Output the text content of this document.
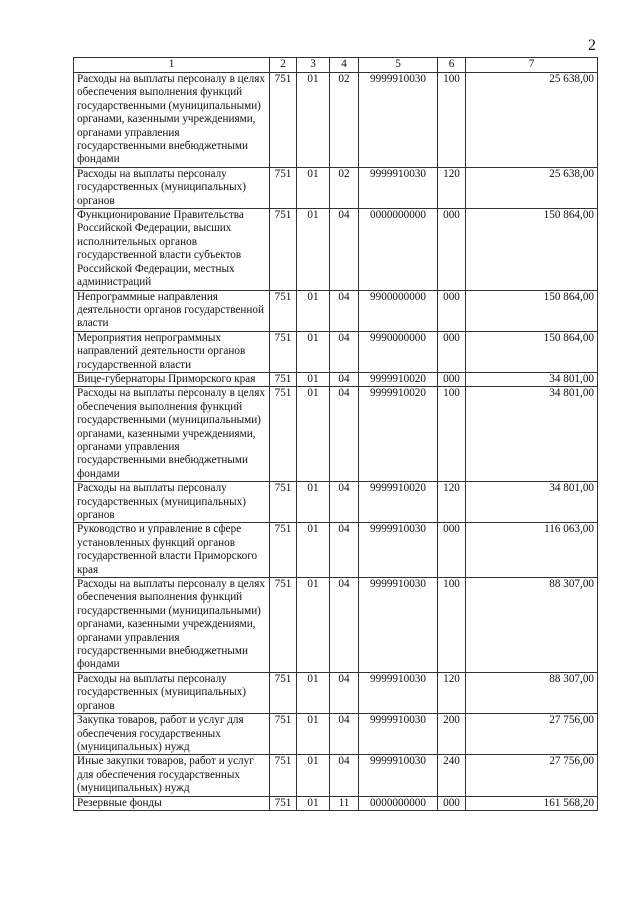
2
1	2	3	4	5	6	7
Расходы на выплаты персоналу в целях обеспечения выполнения функций государственными (муниципальными) органами, казенными учреждениями, органами управления государственными внебюджетными фондами	751	01	02	9999910030	100	25 638,00
Расходы на выплаты персоналу государственных (муниципальных) органов	751	01	02	9999910030	120	25 638,00
Функционирование Правительства Российской Федерации, высших исполнительных органов государственной власти субъектов Российской Федерации, местных администраций	751	01	04	0000000000	000	150 864,00
Непрограммные направления деятельности органов государственной власти	751	01	04	9900000000	000	150 864,00
Мероприятия непрограммных направлений деятельности органов государственной власти	751	01	04	9990000000	000	150 864,00
Вице-губернаторы Приморского края	751	01	04	9999910020	000	34 801,00
Расходы на выплаты персоналу в целях обеспечения выполнения функций государственными (муниципальными) органами, казенными учреждениями, органами управления государственными внебюджетными фондами	751	01	04	9999910020	100	34 801,00
Расходы на выплаты персоналу государственных (муниципальных) органов	751	01	04	9999910020	120	34 801,00
Руководство и управление в сфере установленных функций органов государственной власти Приморского края	751	01	04	9999910030	000	116 063,00
Расходы на выплаты персоналу в целях обеспечения выполнения функций государственными (муниципальными) органами, казенными учреждениями, органами управления государственными внебюджетными фондами	751	01	04	9999910030	100	88 307,00
Расходы на выплаты персоналу государственных (муниципальных) органов	751	01	04	9999910030	120	88 307,00
Закупка товаров, работ и услуг для обеспечения государственных (муниципальных) нужд	751	01	04	9999910030	200	27 756,00
Иные закупки товаров, работ и услуг для обеспечения государственных (муниципальных) нужд	751	01	04	9999910030	240	27 756,00
Резервные фонды	751	01	11	0000000000	000	161 568,20
